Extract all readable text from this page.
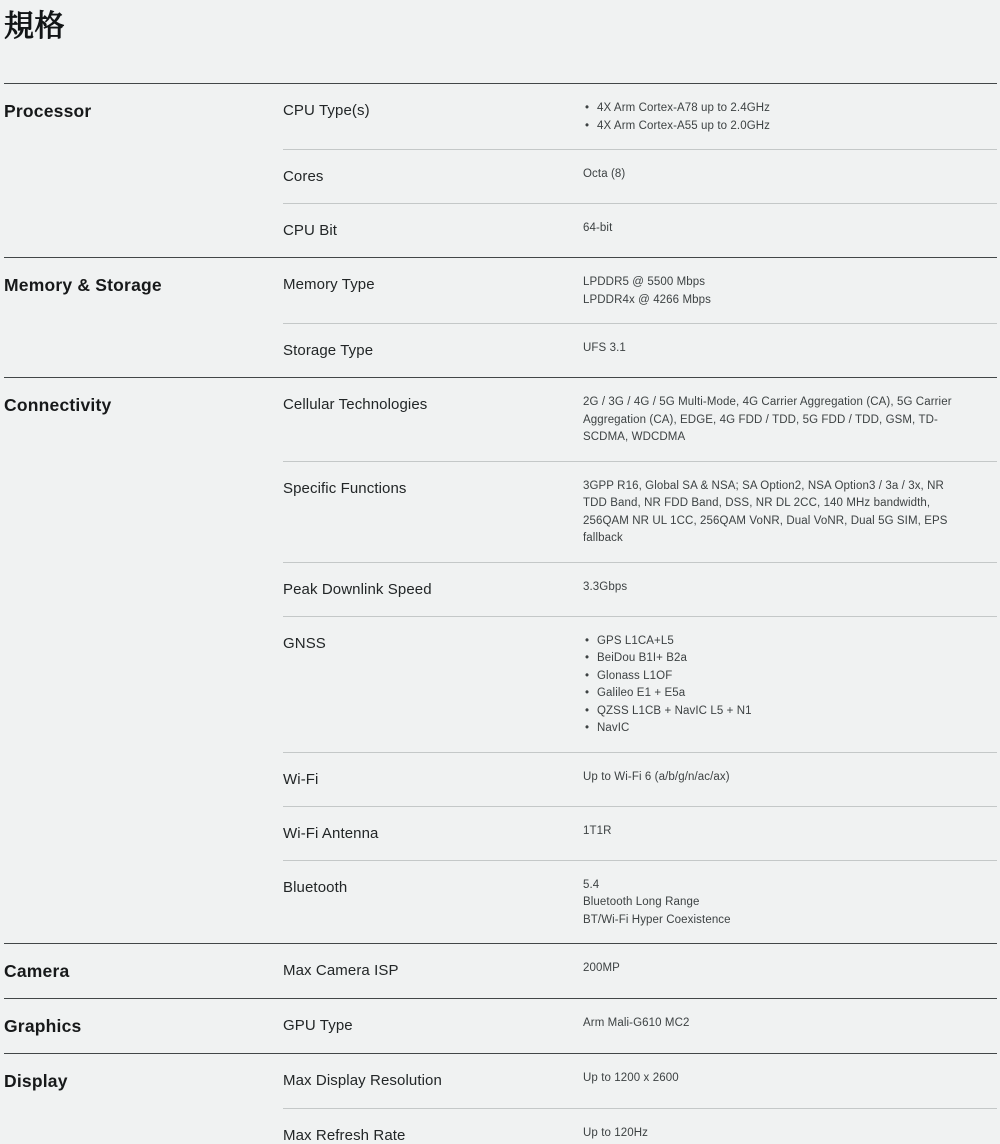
規格
Processor	CPU Type(s)	• 4X Arm Cortex-A78 up to 2.4GHz
• 4X Arm Cortex-A55 up to 2.0GHz
Cores	Octa (8)
CPU Bit	64-bit
Memory & Storage	Memory Type	LPDDR5 @ 5500 Mbps
LPDDR4x @ 4266 Mbps
Storage Type	UFS 3.1
Connectivity	Cellular Technologies	2G / 3G / 4G / 5G Multi-Mode, 4G Carrier Aggregation (CA), 5G Carrier Aggregation (CA), EDGE, 4G FDD / TDD, 5G FDD / TDD, GSM, TD-SCDMA, WDCDMA
Specific Functions	3GPP R16, Global SA & NSA; SA Option2, NSA Option3 / 3a / 3x, NR TDD Band, NR FDD Band, DSS, NR DL 2CC, 140 MHz bandwidth, 256QAM NR UL 1CC, 256QAM VoNR, Dual VoNR, Dual 5G SIM, EPS fallback
Peak Downlink Speed	3.3Gbps
GNSS	• GPS L1CA+L5
• BeiDou B1I+ B2a
• Glonass L1OF
• Galileo E1 + E5a
• QZSS L1CB + NavIC L5 + N1
• NavIC
Wi-Fi	Up to Wi-Fi 6 (a/b/g/n/ac/ax)
Wi-Fi Antenna	1T1R
Bluetooth	5.4
Bluetooth Long Range
BT/Wi-Fi Hyper Coexistence
Camera	Max Camera ISP	200MP
Graphics	GPU Type	Arm Mali-G610 MC2
Display	Max Display Resolution	Up to 1200 x 2600
Max Refresh Rate	Up to 120Hz
